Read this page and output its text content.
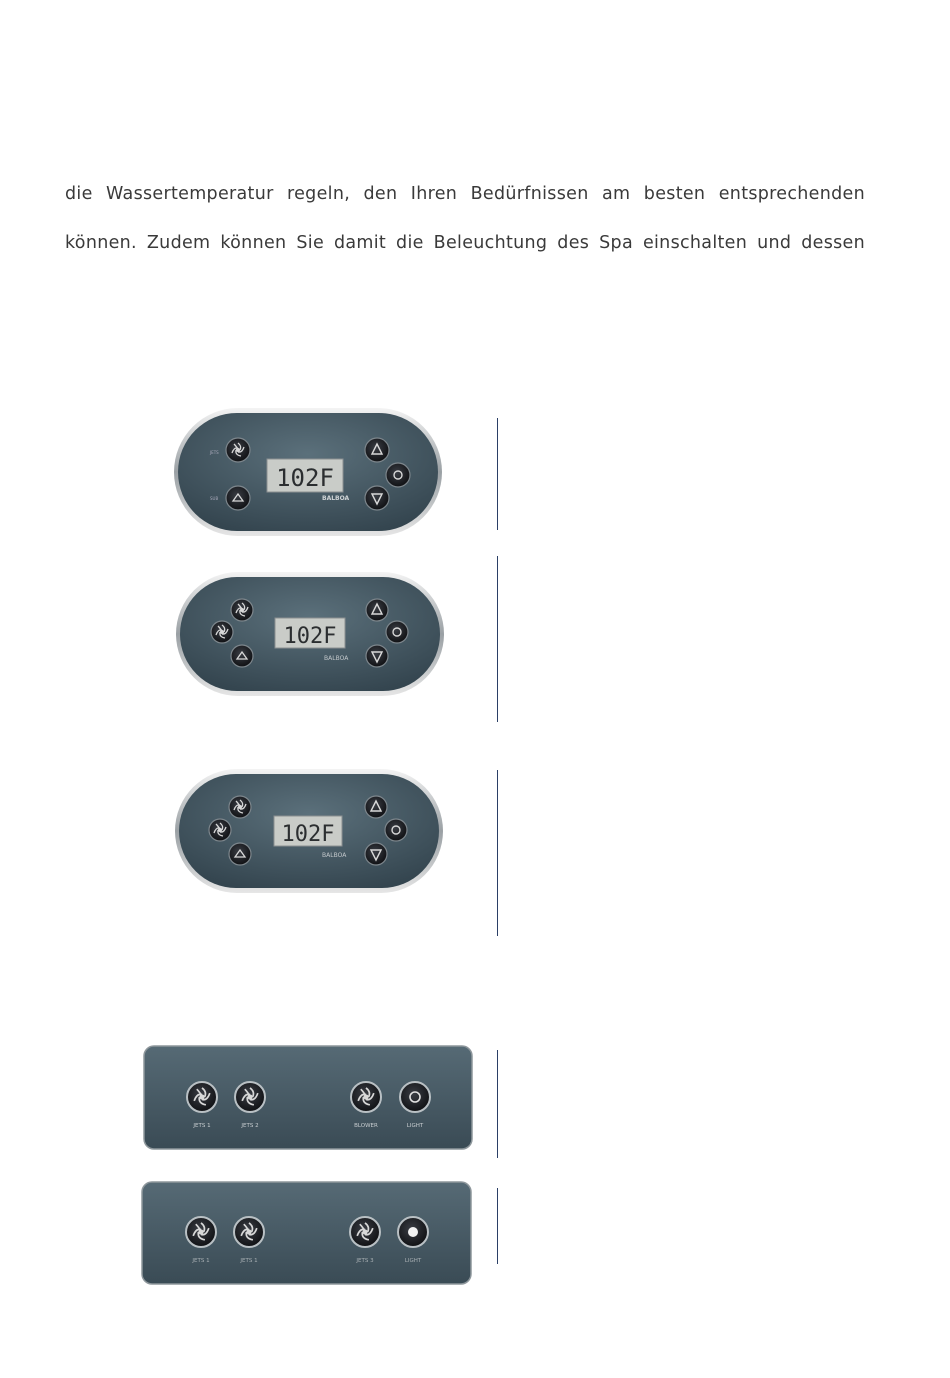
die Wassertemperatur regeln, den Ihren Bedürfnissen am besten entsprechenden
können. Zudem können Sie damit die Beleuchtung des Spa einschalten und dessen
JETS
SUB
102F
BALBOA
102F
BALBOA
102F
BALBOA
JETS 1	JETS 2	BLOWER	LIGHT
JETS 1	JETS 1	JETS 3	LIGHT
